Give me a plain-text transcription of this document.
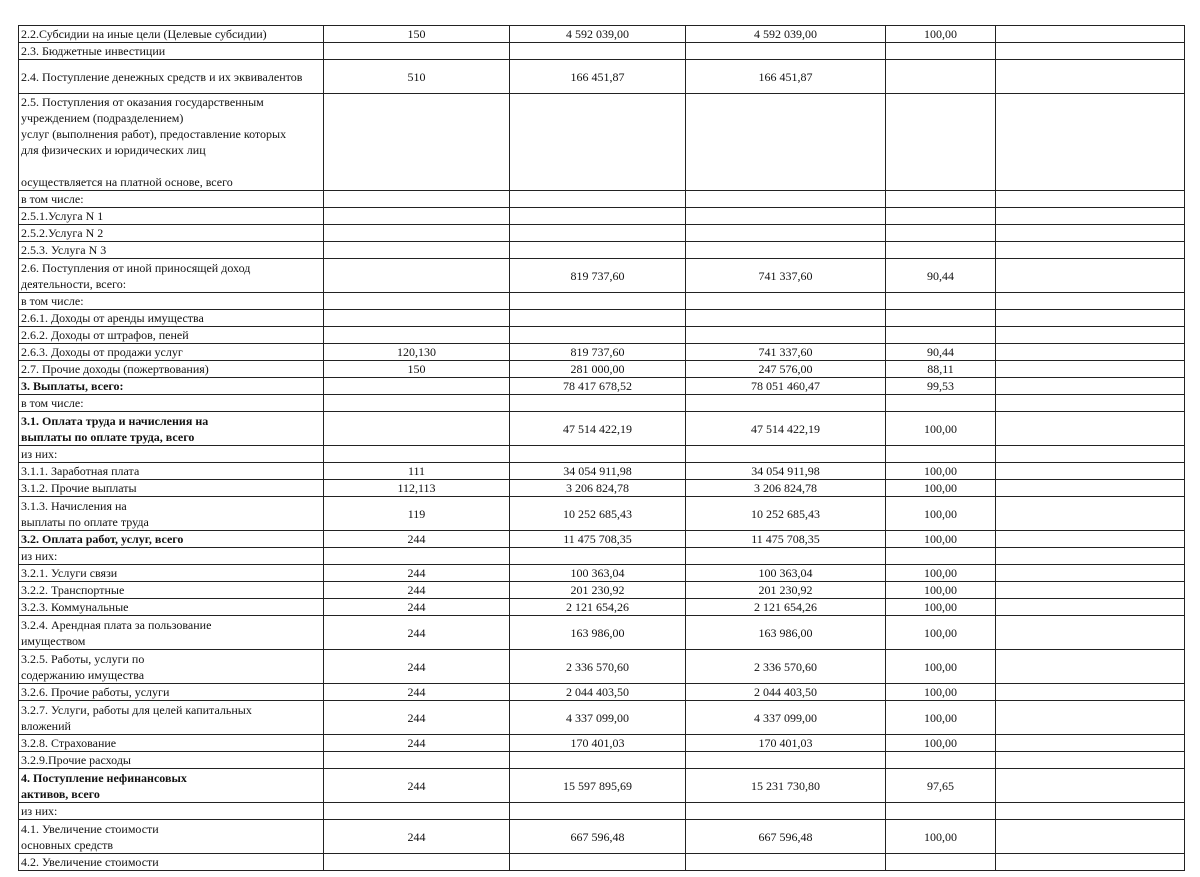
2.2.Субсидии на иные цели (Целевые субсидии)	150	4 592 039,00	4 592 039,00	100,00	
2.3. Бюджетные инвестиции					
2.4. Поступление денежных средств и их эквивалентов	510	166 451,87	166 451,87		
2.5. Поступления от оказания государственным
учреждением (подразделением)
услуг (выполнения работ), предоставление которых
для физических и юридических лиц

осуществляется на платной основе, всего					
в том числе:					
2.5.1.Услуга N 1					
2.5.2.Услуга N 2					
2.5.3. Услуга N 3					
2.6. Поступления от иной приносящей доход
деятельности, всего:		819 737,60	741 337,60	90,44	
в том числе:					
2.6.1. Доходы от аренды имущества					
2.6.2. Доходы от штрафов, пеней					
2.6.3. Доходы от продажи услуг	120,130	819 737,60	741 337,60	90,44	
2.7. Прочие доходы (пожертвования)	150	281 000,00	247 576,00	88,11	
3. Выплаты, всего:		78 417 678,52	78 051 460,47	99,53	
в том числе:					
3.1. Оплата труда и начисления на
выплаты по оплате труда, всего		47 514 422,19	47 514 422,19	100,00	
из них:					
3.1.1. Заработная плата	111	34 054 911,98	34 054 911,98	100,00	
3.1.2. Прочие выплаты	112,113	3 206 824,78	3 206 824,78	100,00	
3.1.3. Начисления на
выплаты по оплате труда	119	10 252 685,43	10 252 685,43	100,00	
3.2. Оплата работ, услуг, всего	244	11 475 708,35	11 475 708,35	100,00	
из них:					
3.2.1. Услуги связи	244	100 363,04	100 363,04	100,00	
3.2.2. Транспортные	244	201 230,92	201 230,92	100,00	
3.2.3. Коммунальные	244	2 121 654,26	2 121 654,26	100,00	
3.2.4. Арендная плата за пользование
имуществом	244	163 986,00	163 986,00	100,00	
3.2.5. Работы, услуги по
содержанию имущества	244	2 336 570,60	2 336 570,60	100,00	
3.2.6. Прочие работы, услуги	244	2 044 403,50	2 044 403,50	100,00	
3.2.7. Услуги, работы для целей капитальных
вложений	244	4 337 099,00	4 337 099,00	100,00	
3.2.8. Страхование	244	170 401,03	170 401,03	100,00	
3.2.9.Прочие расходы					
4. Поступление нефинансовых
активов, всего	244	15 597 895,69	15 231 730,80	97,65	
из них:					
4.1. Увеличение стоимости
основных средств	244	667 596,48	667 596,48	100,00	
4.2. Увеличение стоимости					
